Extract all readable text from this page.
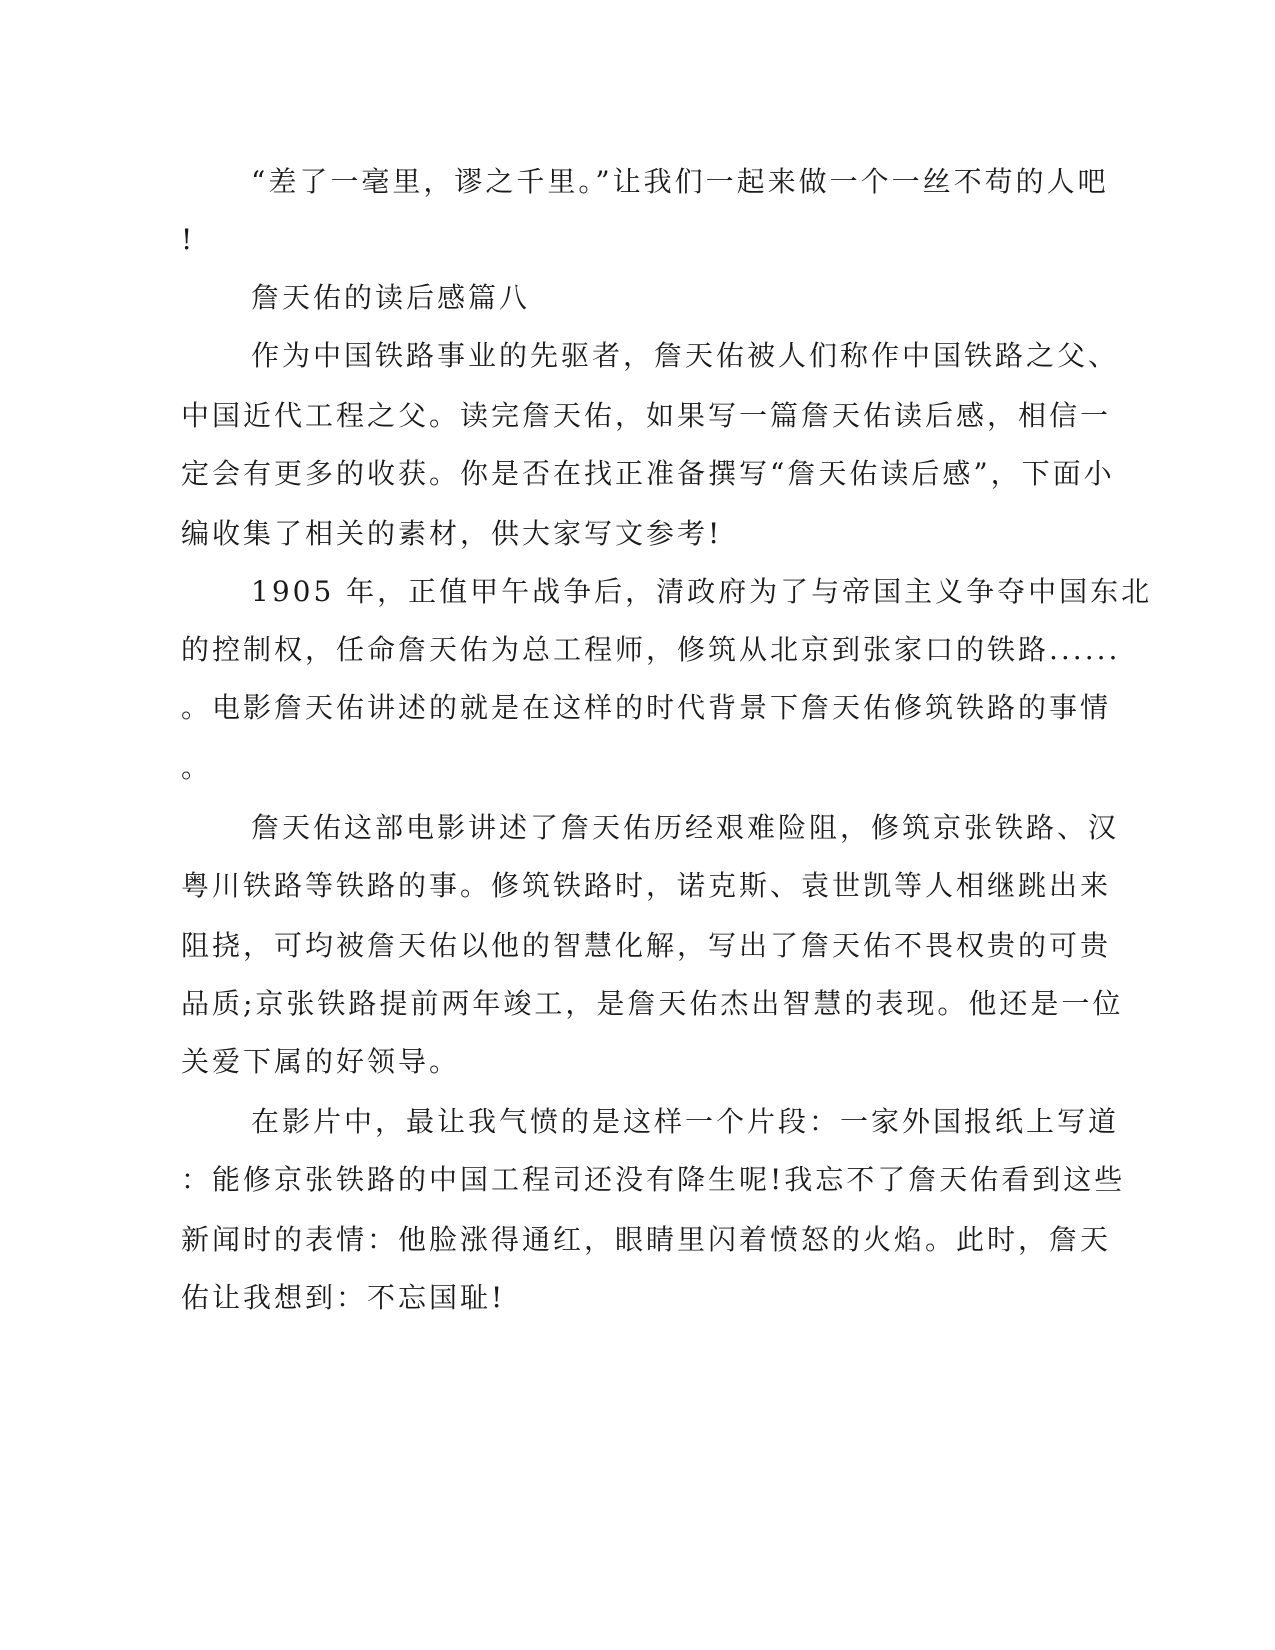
“差了一毫里，谬之千里。”让我们一起来做一个一丝不苟的人吧
!
詹天佑的读后感篇八
作为中国铁路事业的先驱者，詹天佑被人们称作中国铁路之父、
中国近代工程之父。读完詹天佑，如果写一篇詹天佑读后感，相信一
定会有更多的收获。你是否在找正准备撰写“詹天佑读后感”，下面小
编收集了相关的素材，供大家写文参考!
1905 年，正值甲午战争后，清政府为了与帝国主义争夺中国东北
的控制权，任命詹天佑为总工程师，修筑从北京到张家口的铁路......
。电影詹天佑讲述的就是在这样的时代背景下詹天佑修筑铁路的事情
。
詹天佑这部电影讲述了詹天佑历经艰难险阻，修筑京张铁路、汉
粤川铁路等铁路的事。修筑铁路时，诺克斯、袁世凯等人相继跳出来
阻挠，可均被詹天佑以他的智慧化解，写出了詹天佑不畏权贵的可贵
品质;京张铁路提前两年竣工，是詹天佑杰出智慧的表现。他还是一位
关爱下属的好领导。
在影片中，最让我气愤的是这样一个片段：一家外国报纸上写道
：能修京张铁路的中国工程司还没有降生呢!我忘不了詹天佑看到这些
新闻时的表情：他脸涨得通红，眼睛里闪着愤怒的火焰。此时，詹天
佑让我想到：不忘国耻!
